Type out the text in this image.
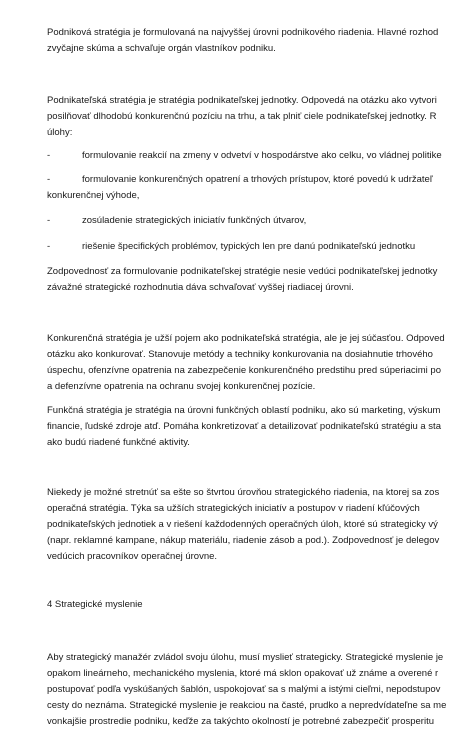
Podniková stratégia je formulovaná na najvyššej úrovni podnikového riadenia. Hlavné rozhod
zvyčajne skúma a schvaľuje orgán vlastníkov podniku.
Podnikateľská stratégia je stratégia podnikateľskej jednotky. Odpovedá na otázku ako vytvori
posilňovať dlhodobú konkurenčnú pozíciu na trhu, a tak plniť ciele podnikateľskej jednotky. R
úlohy:
-	formulovanie reakcií na zmeny v odvetví v hospodárstve ako celku, vo vládnej politike
-	formulovanie konkurenčných opatrení a trhových prístupov, ktoré povedú k udržateľ
konkurenčnej výhode,
-	zosúladenie strategických iniciatív funkčných útvarov,
-	riešenie špecifických problémov, typických len pre danú podnikateľskú jednotku
Zodpovednosť za formulovanie podnikateľskej stratégie nesie vedúci podnikateľskej jednotky
závažné strategické rozhodnutia dáva schvaľovať vyššej riadiacej úrovni.
Konkurenčná stratégia je užší pojem ako podnikateľská stratégia, ale je jej súčasťou. Odpoved
otázku ako konkurovať. Stanovuje metódy a techniky konkurovania na dosiahnutie trhového
úspechu, ofenzívne opatrenia na zabezpečenie konkurenčného predstihu pred súperiacimi po
a defenzívne opatrenia na ochranu svojej konkurenčnej pozície.
Funkčná stratégia je stratégia na úrovni funkčných oblastí podniku, ako sú marketing, výskum
financie, ľudské zdroje atď. Pomáha konkretizovať a detailizovať podnikateľskú stratégiu a sta
ako budú riadené funkčné aktivity.
Niekedy je možné stretnúť sa ešte so štvrtou úrovňou strategického riadenia, na ktorej sa zos
operačná stratégia. Týka sa užších strategických iniciatív a postupov v riadení kľúčových
podnikateľských jednotiek a v riešení každodenných operačných úloh, ktoré sú strategicky vý
(napr. reklamné kampane, nákup materiálu, riadenie zásob a pod.). Zodpovednosť je delegov
vedúcich pracovníkov operačnej úrovne.
4 Strategické myslenie
Aby strategický manažér zvládol svoju úlohu, musí myslieť strategicky. Strategické myslenie je
opakom lineárneho, mechanického myslenia, ktoré má sklon opakovať už známe a overené r
postupovať podľa vyskúšaných šablón, uspokojovať sa s malými a istými cieľmi, nepodstupov
cesty do neznáma. Strategické myslenie je reakciou na časté, prudko a nepredvídateľne sa me
vonkajšie prostredie podniku, keďže za takýchto okolností je potrebné zabezpečiť prosperitu
